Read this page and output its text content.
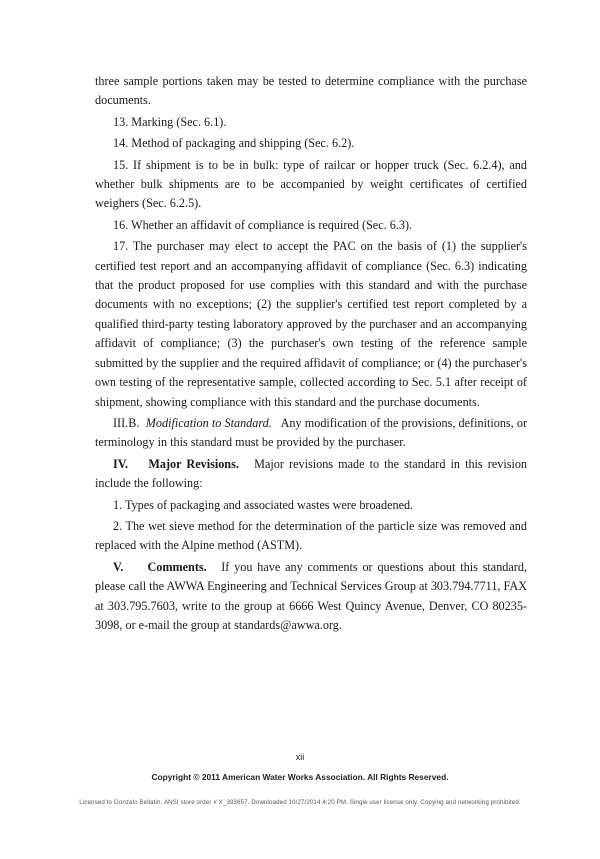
three sample portions taken may be tested to determine compliance with the purchase documents.

13. Marking (Sec. 6.1).

14. Method of packaging and shipping (Sec. 6.2).

15. If shipment is to be in bulk: type of railcar or hopper truck (Sec. 6.2.4), and whether bulk shipments are to be accompanied by weight certificates of certified weighers (Sec. 6.2.5).

16. Whether an affidavit of compliance is required (Sec. 6.3).

17. The purchaser may elect to accept the PAC on the basis of (1) the supplier's certified test report and an accompanying affidavit of compliance (Sec. 6.3) indicating that the product proposed for use complies with this standard and with the purchase documents with no exceptions; (2) the supplier's certified test report completed by a qualified third-party testing laboratory approved by the purchaser and an accompanying affidavit of compliance; (3) the purchaser's own testing of the reference sample submitted by the supplier and the required affidavit of compliance; or (4) the purchaser's own testing of the representative sample, collected according to Sec. 5.1 after receipt of shipment, showing compliance with this standard and the purchase documents.

III.B. Modification to Standard. Any modification of the provisions, definitions, or terminology in this standard must be provided by the purchaser.

IV. Major Revisions. Major revisions made to the standard in this revision include the following:

1. Types of packaging and associated wastes were broadened.

2. The wet sieve method for the determination of the particle size was removed and replaced with the Alpine method (ASTM).

V. Comments. If you have any comments or questions about this standard, please call the AWWA Engineering and Technical Services Group at 303.794.7711, FAX at 303.795.7603, write to the group at 6666 West Quincy Avenue, Denver, CO 80235-3098, or e-mail the group at standards@awwa.org.

xii
Copyright © 2011 American Water Works Association. All Rights Reserved.
Licensed to Gonzalo Bellatin. ANSI store order # X_393657. Downloaded 10/27/2014 4:20 PM. Single user license only. Copying and networking prohibited.
